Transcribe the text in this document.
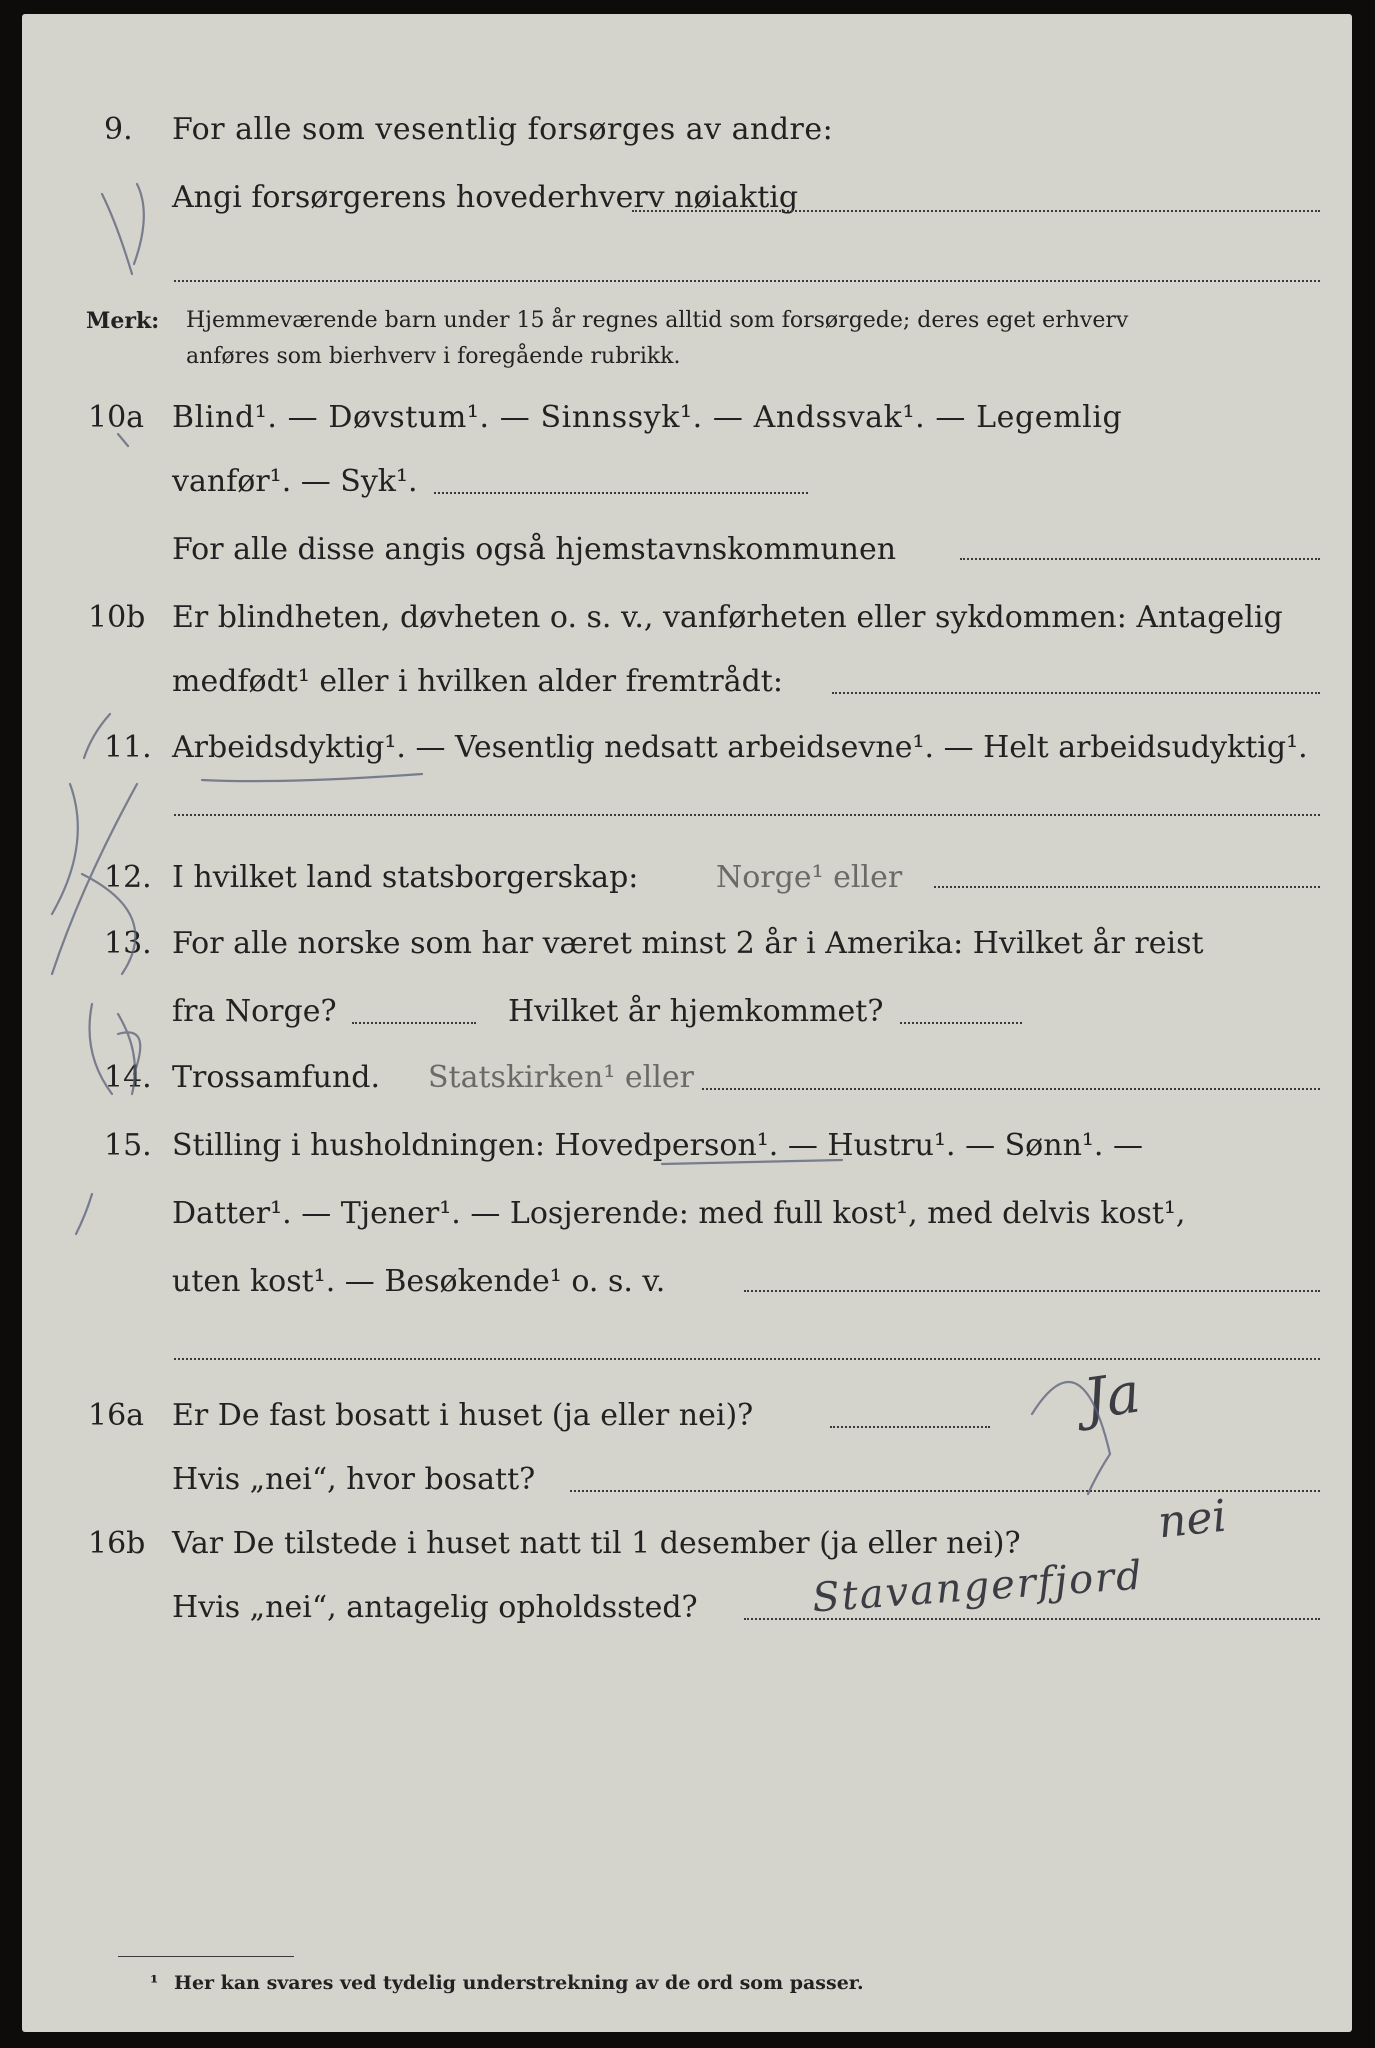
9. For alle som vesentlig forsørges av andre:
Angi forsørgerens hovederhverv nøiaktig
Merk: Hjemmeværende barn under 15 år regnes alltid som forsørgede; deres eget erhverv
anføres som bierhverv i foregående rubrikk.
10a Blind¹. — Døvstum¹. — Sinnssyk¹. — Andssvak¹. — Legemlig
vanfør¹. — Syk¹.
For alle disse angis også hjemstavnskommunen
10b Er blindheten, døvheten o. s. v., vanførheten eller sykdommen: Antagelig
medfødt¹ eller i hvilken alder fremtrådt:
11. Arbeidsdyktig¹. — Vesentlig nedsatt arbeidsevne¹. — Helt arbeidsudyktig¹.
12. I hvilket land statsborgerskap:	Norge¹ eller
13. For alle norske som har været minst 2 år i Amerika: Hvilket år reist
fra Norge?	Hvilket år hjemkommet?
14. Trossamfund. Statskirken¹ eller
15. Stilling i husholdningen: Hovedperson¹. — Hustru¹. — Sønn¹. —
Datter¹. — Tjener¹. — Losjerende: med full kost¹, med delvis kost¹,
uten kost¹. — Besøkende¹ o. s. v.
16a Er De fast bosatt i huset (ja eller nei)?
Hvis „nei“, hvor bosatt?
16b Var De tilstede i huset natt til 1 desember (ja eller nei)?
Hvis „nei“, antagelig opholdssted?
Ja
nei
Stavangerfjord
¹ Her kan svares ved tydelig understrekning av de ord som passer.
